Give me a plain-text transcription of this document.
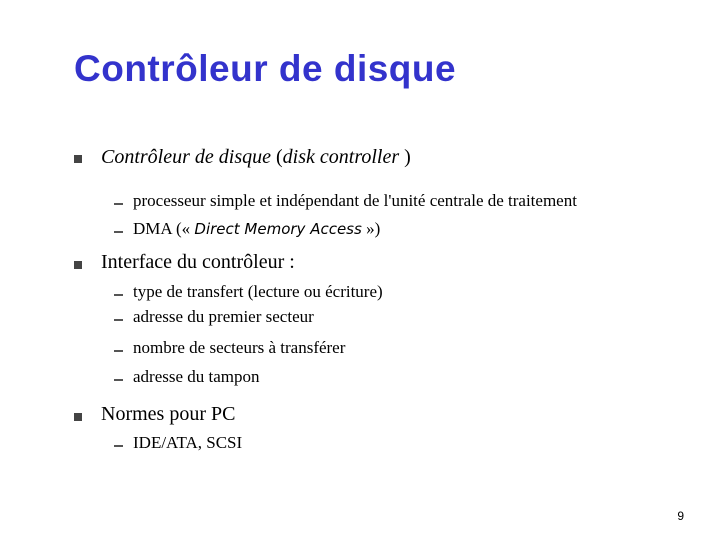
Contrôleur de disque
Contrôleur de disque (disk controller )
processeur simple et indépendant de l'unité centrale de traitement
DMA (« Direct Memory Access »)
Interface du contrôleur :
type de transfert (lecture ou écriture)
adresse du premier secteur
nombre de secteurs à transférer
adresse du tampon
Normes pour PC
IDE/ATA, SCSI
9
